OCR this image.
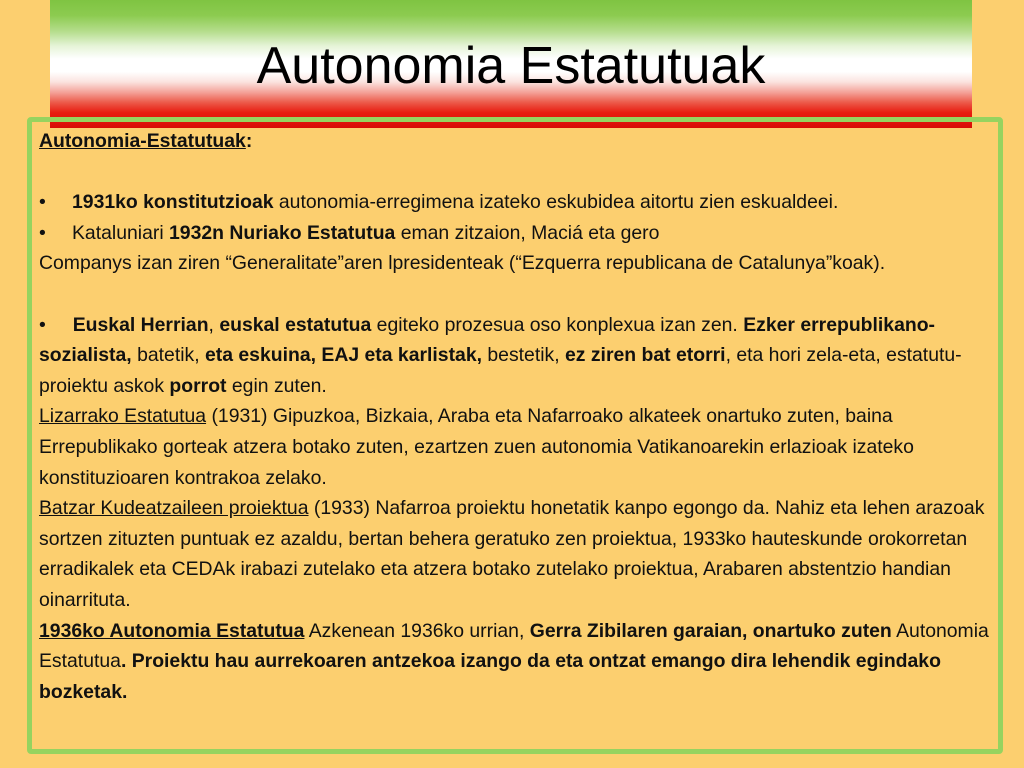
Autonomia Estatutuak

Autonomia-Estatutuak:

• 1931ko konstitutzioak autonomia-erregimena izateko eskubidea aitortu zien eskualdeei.

• Kataluniari 1932n Nuriako Estatutua eman zitzaion, Maciá eta gero

Companys izan ziren “Generalitate”aren lpresidenteak (“Ezquerra republicana de Catalunya”koak).

• Euskal Herrian, euskal estatutua egiteko prozesua oso konplexua izan zen. Ezker errepublikano-sozialista, batetik, eta eskuina, EAJ eta karlistak, bestetik, ez ziren bat etorri, eta hori zela-eta, estatutu-proiektu askok porrot egin zuten.

Lizarrako Estatutua (1931) Gipuzkoa, Bizkaia, Araba eta Nafarroako alkateek onartuko zuten, baina Errepublikako gorteak atzera botako zuten, ezartzen zuen autonomia Vatikanoarekin erlazioak izateko konstituzioaren kontrakoa zelako.

Batzar Kudeatzaileen proiektua (1933) Nafarroa proiektu honetatik kanpo egongo da. Nahiz eta lehen arazoak sortzen zituzten puntuak ez azaldu, bertan behera geratuko zen proiektua, 1933ko hauteskunde orokorretan erradikalek eta CEDAk irabazi zutelako eta atzera botako zutelako proiektua, Arabaren abstentzio handian oinarrituta.

1936ko Autonomia Estatutua Azkenean 1936ko urrian, Gerra Zibilaren garaian, onartuko zuten Autonomia Estatutua. Proiektu hau aurrekoaren antzekoa izango da eta ontzat emango dira lehendik egindako bozketak.
